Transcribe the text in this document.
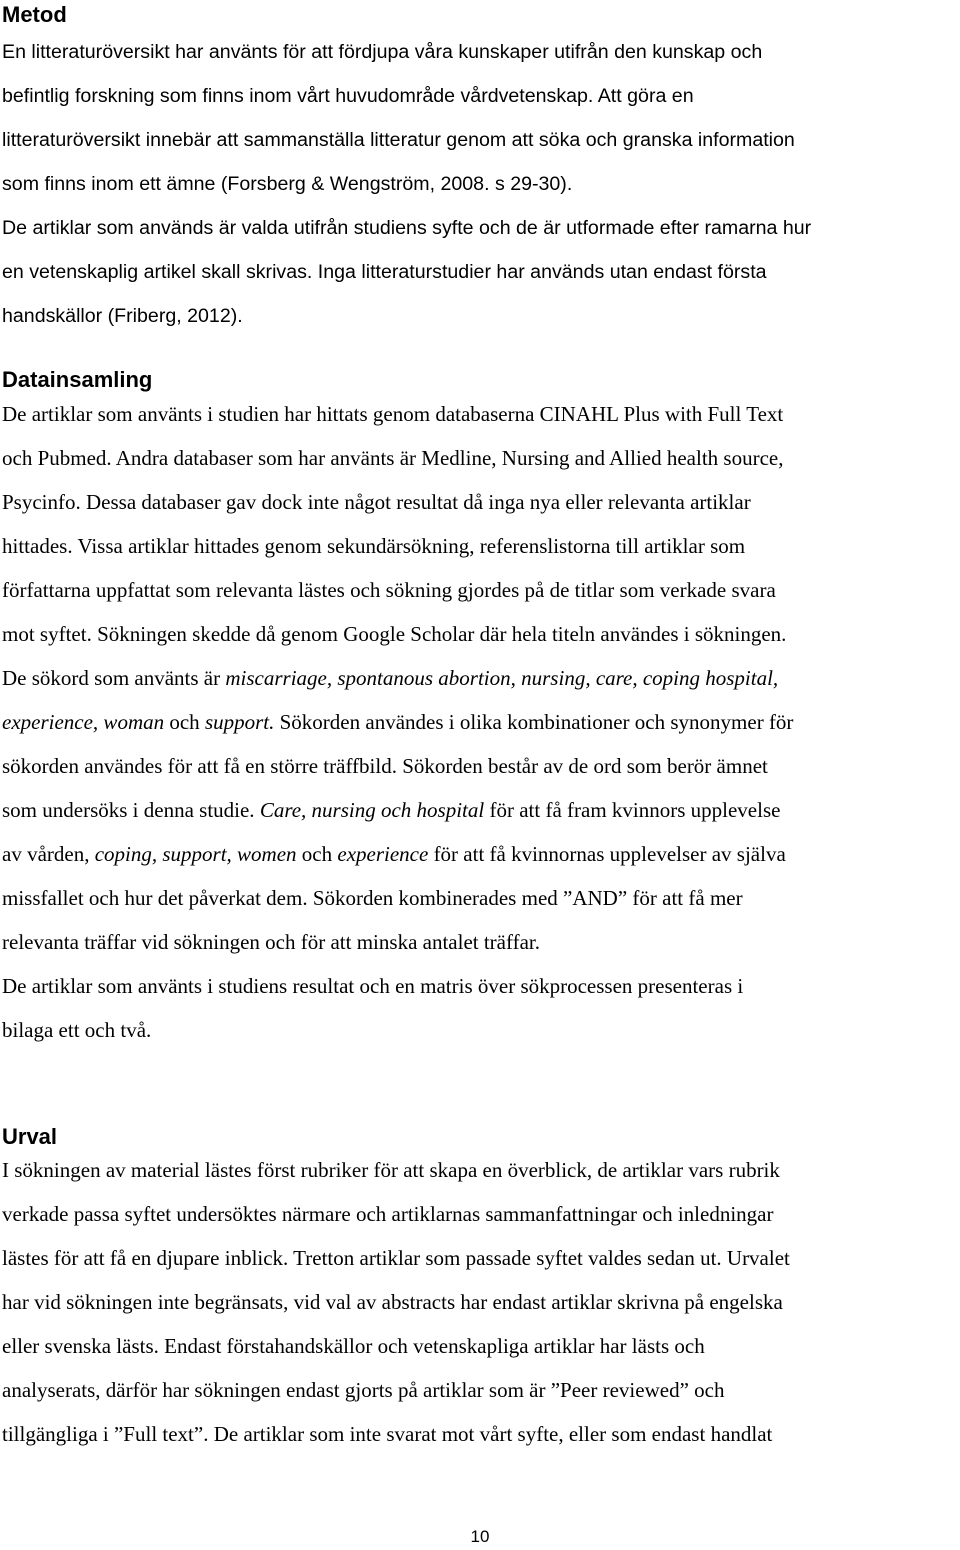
Metod
En litteraturöversikt har använts för att fördjupa våra kunskaper utifrån den kunskap och
befintlig forskning som finns inom vårt huvudområde vårdvetenskap. Att göra en
litteraturöversikt innebär att sammanställa litteratur genom att söka och granska information
som finns inom ett ämne (Forsberg & Wengström, 2008. s 29-30).
De artiklar som används är valda utifrån studiens syfte och de är utformade efter ramarna hur
en vetenskaplig artikel skall skrivas. Inga litteraturstudier har används utan endast första
handskällor (Friberg, 2012).
Datainsamling
De artiklar som använts i studien har hittats genom databaserna CINAHL Plus with Full Text
och Pubmed. Andra databaser som har använts är Medline, Nursing and Allied health source,
Psycinfo. Dessa databaser gav dock inte något resultat då inga nya eller relevanta artiklar
hittades. Vissa artiklar hittades genom sekundärsökning, referenslistorna till artiklar som
författarna uppfattat som relevanta lästes och sökning gjordes på de titlar som verkade svara
mot syftet. Sökningen skedde då genom Google Scholar där hela titeln användes i sökningen.
De sökord som använts är miscarriage, spontanous abortion, nursing, care, coping hospital,
experience, woman och support. Sökorden användes i olika kombinationer och synonymer för
sökorden användes för att få en större träffbild. Sökorden består av de ord som berör ämnet
som undersöks i denna studie. Care, nursing och hospital för att få fram kvinnors upplevelse
av vården, coping, support, women och experience för att få kvinnornas upplevelser av själva
missfallet och hur det påverkat dem. Sökorden kombinerades med ”AND” för att få mer
relevanta träffar vid sökningen och för att minska antalet träffar.
De artiklar som använts i studiens resultat och en matris över sökprocessen presenteras i
bilaga ett och två.
Urval
I sökningen av material lästes först rubriker för att skapa en överblick, de artiklar vars rubrik
verkade passa syftet undersöktes närmare och artiklarnas sammanfattningar och inledningar
lästes för att få en djupare inblick. Tretton artiklar som passade syftet valdes sedan ut. Urvalet
har vid sökningen inte begränsats, vid val av abstracts har endast artiklar skrivna på engelska
eller svenska lästs. Endast förstahandskällor och vetenskapliga artiklar har lästs och
analyserats, därför har sökningen endast gjorts på artiklar som är ”Peer reviewed” och
tillgängliga i ”Full text”. De artiklar som inte svarat mot vårt syfte, eller som endast handlat
10
